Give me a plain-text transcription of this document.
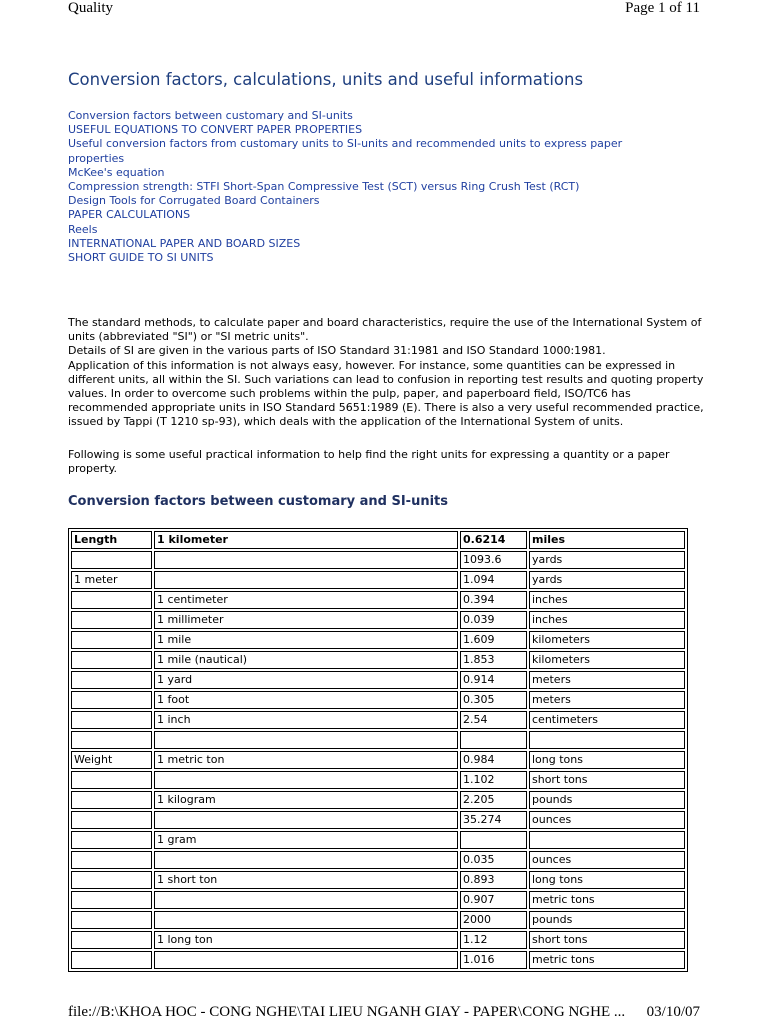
Quality	Page 1 of 11
Conversion factors, calculations, units and useful informations
Conversion factors between customary and SI-units
USEFUL EQUATIONS TO CONVERT PAPER PROPERTIES
Useful conversion factors from customary units to SI-units and recommended units to express paper properties
McKee's equation
Compression strength: STFI Short-Span Compressive Test (SCT) versus Ring Crush Test (RCT)
Design Tools for Corrugated Board Containers
PAPER CALCULATIONS
Reels
INTERNATIONAL PAPER AND BOARD SIZES
SHORT GUIDE TO SI UNITS

The standard methods, to calculate paper and board characteristics, require the use of the International System of units (abbreviated "SI") or "SI metric units".

Details of SI are given in the various parts of ISO Standard 31:1981 and ISO Standard 1000:1981.

Application of this information is not always easy, however. For instance, some quantities can be expressed in different units, all within the SI. Such variations can lead to confusion in reporting test results and quoting property values. In order to overcome such problems within the pulp, paper, and paperboard field, ISO/TC6 has recommended appropriate units in ISO Standard 5651:1989 (E). There is also a very useful recommended practice, issued by Tappi (T 1210 sp-93), which deals with the application of the International System of units.

Following is some useful practical information to help find the right units for expressing a quantity or a paper property.
Conversion factors between customary and SI-units
Length	1 kilometer	0.6214	miles
		1093.6	yards
1 meter		1.094	yards
	1 centimeter	0.394	inches
	1 millimeter	0.039	inches
	1 mile	1.609	kilometers
	1 mile (nautical)	1.853	kilometers
	1 yard	0.914	meters
	1 foot	0.305	meters
	1 inch	2.54	centimeters

Weight	1 metric ton	0.984	long tons
		1.102	short tons
	1 kilogram	2.205	pounds
		35.274	ounces
	1 gram		
		0.035	ounces
	1 short ton	0.893	long tons
		0.907	metric tons
		2000	pounds
	1 long ton	1.12	short tons
		1.016	metric tons
file://B:\KHOA HOC - CONG NGHE\TAI LIEU NGANH GIAY - PAPER\CONG NGHE ... 03/10/07
